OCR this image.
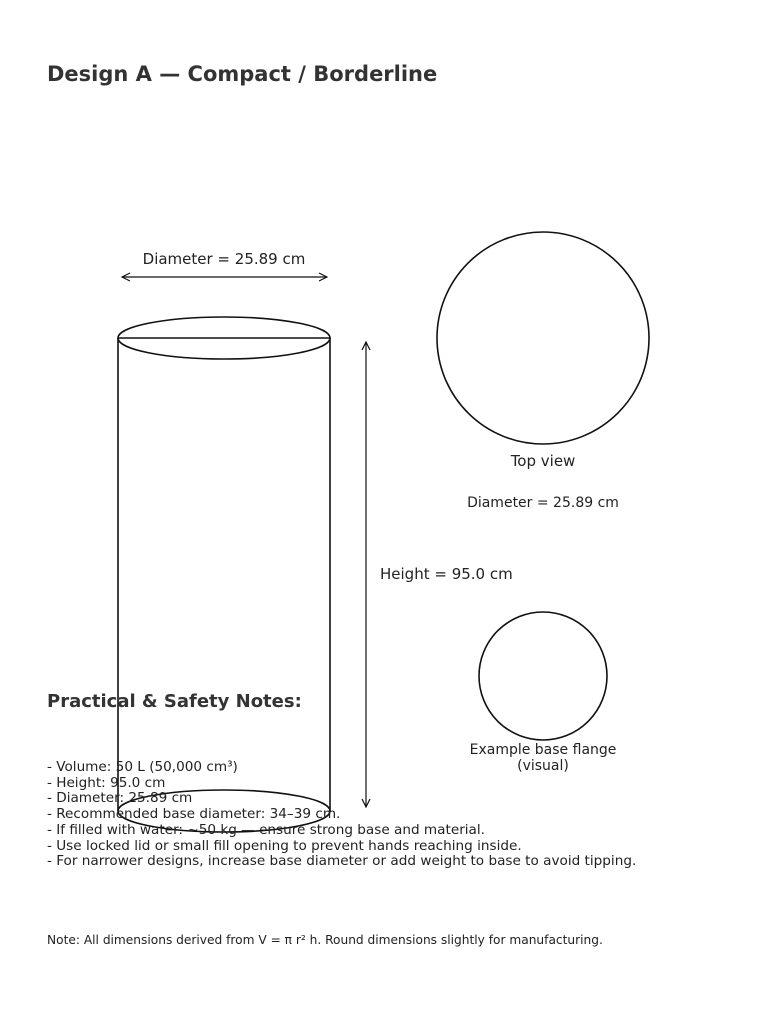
Design A — Compact / Borderline
Diameter = 25.89 cm
Height = 95.0 cm
Top view
Diameter = 25.89 cm
Example base flange
(visual)
Practical & Safety Notes:
- Volume: 50 L (50,000 cm³)
- Height: 95.0 cm
- Diameter: 25.89 cm
- Recommended base diameter: 34–39 cm.
- If filled with water: ~50 kg — ensure strong base and material.
- Use locked lid or small fill opening to prevent hands reaching inside.
- For narrower designs, increase base diameter or add weight to base to avoid tipping.
Note: All dimensions derived from V = π r² h. Round dimensions slightly for manufacturing.
